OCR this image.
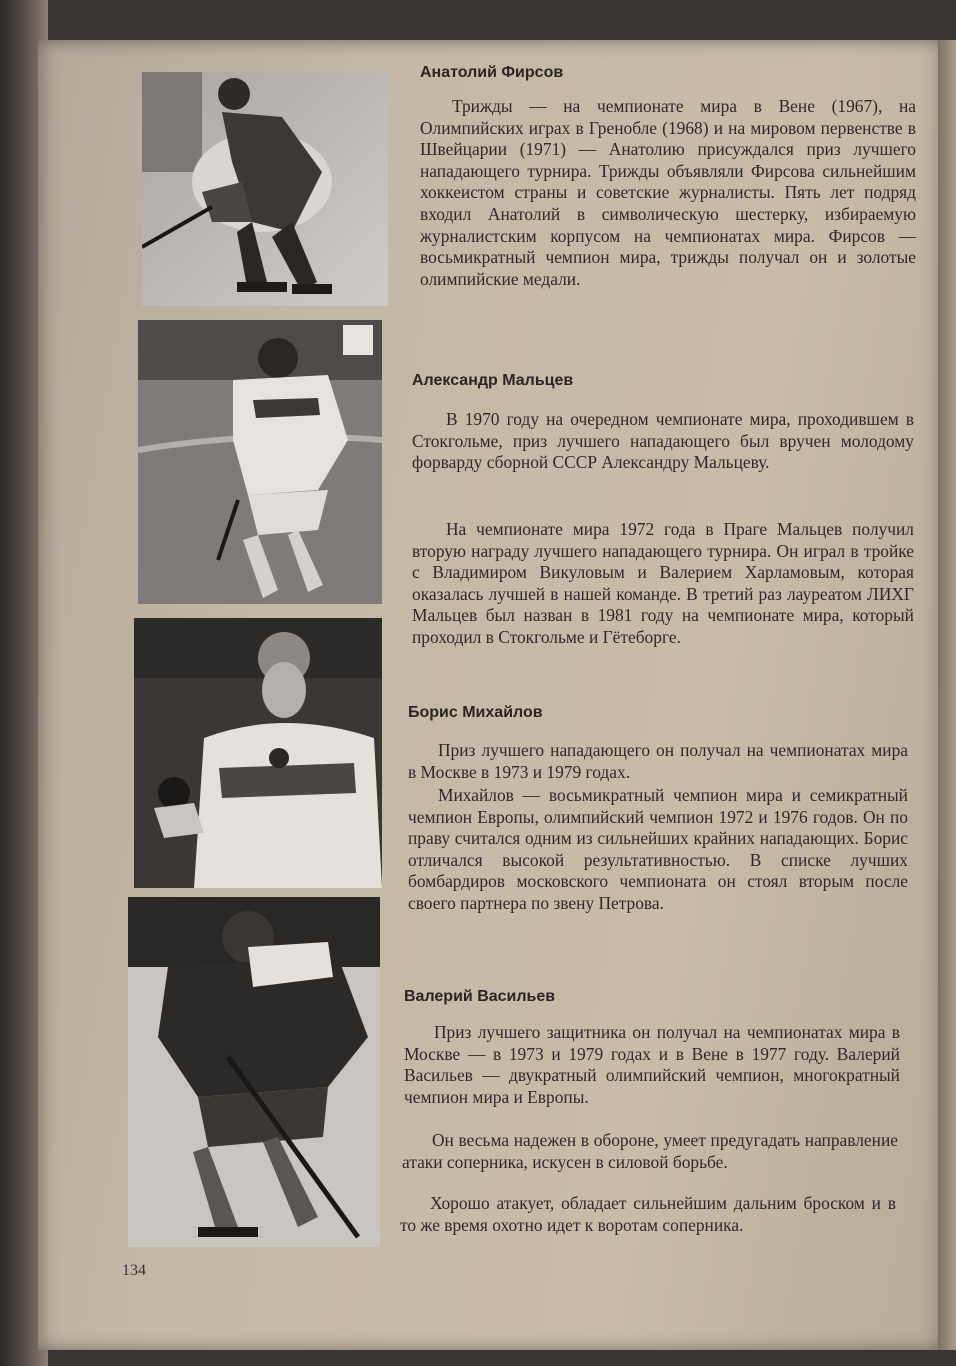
Анатолий Фирсов

Трижды — на чемпионате мира в Вене (1967), на Олимпийских играх в Гренобле (1968) и на мировом первенстве в Швейцарии (1971) — Анатолию присуждался приз лучшего нападающего турнира. Трижды объявляли Фирсова сильнейшим хоккеистом страны и советские журналисты. Пять лет подряд входил Анатолий в символическую шестерку, избираемую журналистским корпусом на чемпионатах мира. Фирсов — восьмикратный чемпион мира, трижды получал он и золотые олимпийские медали.

Александр Мальцев

В 1970 году на очередном чемпионате мира, проходившем в Стокгольме, приз лучшего нападающего был вручен молодому форварду сборной СССР Александру Мальцеву.

На чемпионате мира 1972 года в Праге Мальцев получил вторую награду лучшего нападающего турнира. Он играл в тройке с Владимиром Викуловым и Валерием Харламовым, которая оказалась лучшей в нашей команде. В третий раз лауреатом ЛИХГ Мальцев был назван в 1981 году на чемпионате мира, который проходил в Стокгольме и Гётеборге.

Борис Михайлов

Приз лучшего нападающего он получал на чемпионатах мира в Москве в 1973 и 1979 годах.

Михайлов — восьмикратный чемпион мира и семикратный чемпион Европы, олимпийский чемпион 1972 и 1976 годов. Он по праву считался одним из сильнейших крайних нападающих. Борис отличался высокой результативностью. В списке лучших бомбардиров московского чемпионата он стоял вторым после своего партнера по звену Петрова.

Валерий Васильев

Приз лучшего защитника он получал на чемпионатах мира в Москве — в 1973 и 1979 годах и в Вене в 1977 году. Валерий Васильев — двукратный олимпийский чемпион, многократный чемпион мира и Европы.

Он весьма надежен в обороне, умеет предугадать направление атаки соперника, искусен в силовой борьбе.

Хорошо атакует, обладает сильнейшим дальним броском и в то же время охотно идет к воротам соперника.

134
